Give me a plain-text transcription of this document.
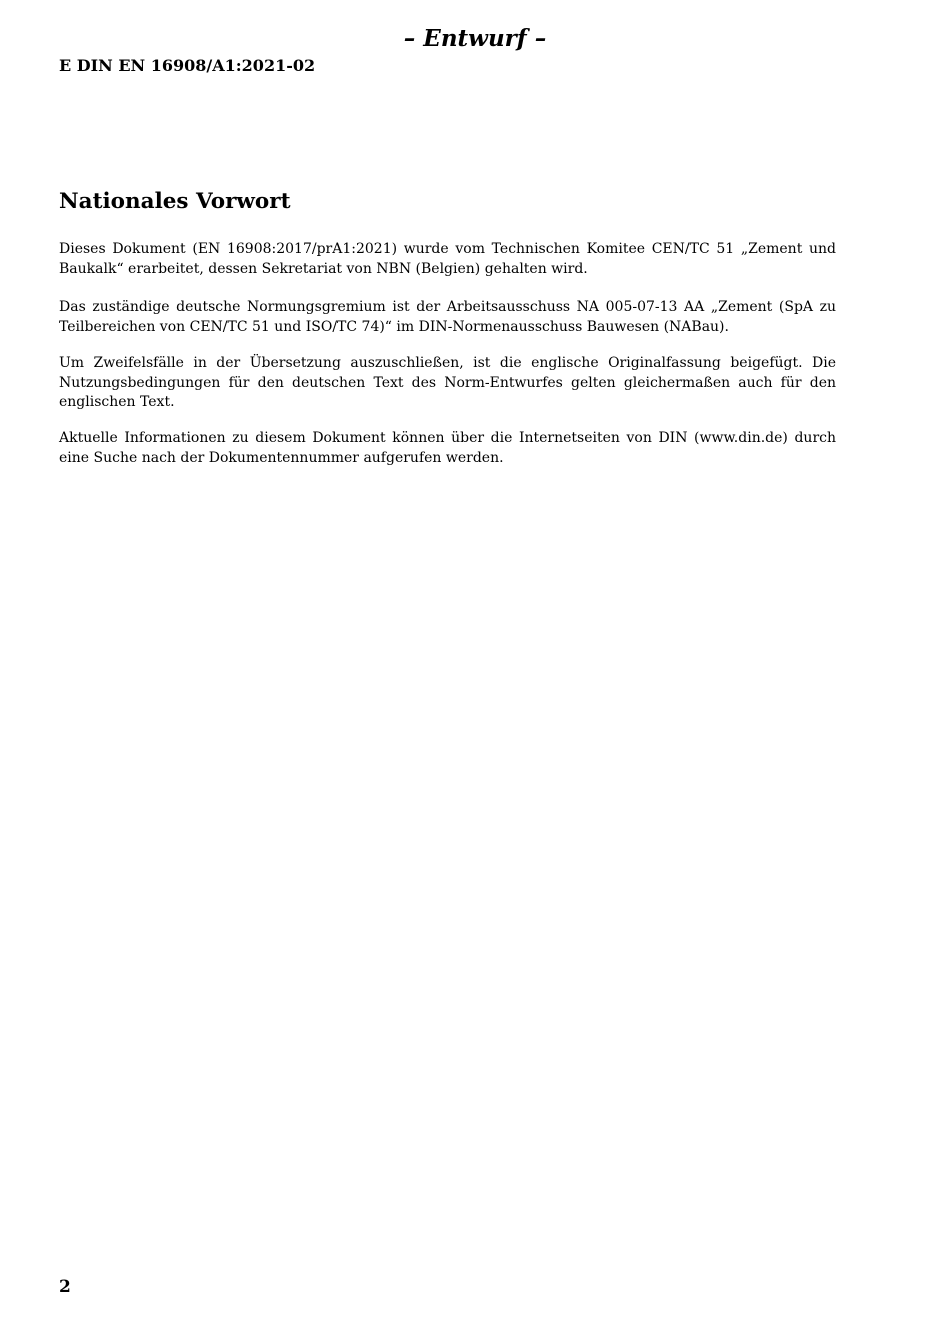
– Entwurf –
E DIN EN 16908/A1:2021-02
Nationales Vorwort

Dieses Dokument (EN 16908:2017/prA1:2021) wurde vom Technischen Komitee CEN/TC 51 „Zement und Baukalk“ erarbeitet, dessen Sekretariat von NBN (Belgien) gehalten wird.

Das zuständige deutsche Normungsgremium ist der Arbeitsausschuss NA 005-07-13 AA „Zement (SpA zu Teilbereichen von CEN/TC 51 und ISO/TC 74)“ im DIN-Normenausschuss Bauwesen (NABau).

Um Zweifelsfälle in der Übersetzung auszuschließen, ist die englische Originalfassung beigefügt. Die Nutzungsbedingungen für den deutschen Text des Norm-Entwurfes gelten gleichermaßen auch für den englischen Text.

Aktuelle Informationen zu diesem Dokument können über die Internetseiten von DIN (www.din.de) durch eine Suche nach der Dokumentennummer aufgerufen werden.

2
